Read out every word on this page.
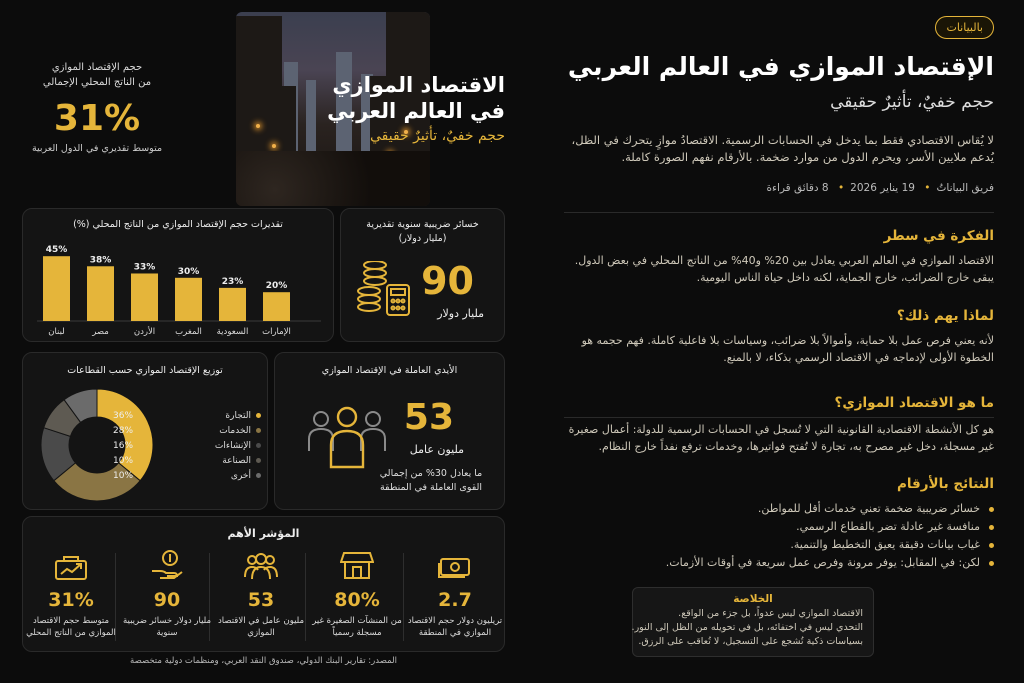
بالبيانات
الإقتصاد الموازي في العالم العربي
حجم خفيٌ، تأثيرٌ حقيقي
لا يُقاس الاقتصادي فقط بما يدخل في الحسابات الرسمية. الاقتصادُ موازٍ يتحرك في الظل، يُدعم ملايين الأسر، ويحرم الدول من موارد ضخمة. بالأرقام نفهم الصورة كاملة.
فريق البياناتُ• 19 يناير 2026• 8 دقائق قراءة
الفكرة في سطر
الاقتصاد الموازي في العالم العربي يعادل بين 20% و40% من الناتج المحلي في بعض الدول. يبقى خارج الضرائب، خارج الجماية، لكنه داخل حياة الناس اليومية.
لماذا يهم ذلك؟
لأنه يعني فرص عمل بلا حماية، وأموالاً بلا ضرائب، وسياسات بلا فاعلية كاملة. فهم حجمه هو الخطوة الأولى لإدماجه في الاقتصاد الرسمي بذكاء، لا بالمنع.
ما هو الاقتصاد الموازي؟
هو كل الأنشطة الاقتصادية القانونية التي لا تُسجل في الحسابات الرسمية للدولة: أعمال صغيرة غير مسجلة، دخل غير مصرح به، تجارة لا تُفتح فواتيرها، وخدمات ترفع نفداً خارج النظام.
النتائج بالأرقام
خسائر ضريبية ضخمة تعني خدمات أقل للمواطن.
منافسة غير عادلة تضر بالقطاع الرسمي.
غياب بيانات دقيقة يعيق التخطيط والتنمية.
لكن: في المقابل: يوفر مرونة وفرص عمل سريعة في أوقات الأزمات.
الخلاصة
الاقتصاد الموازي ليس عدواً، بل جزء من الواقع.
التحدي ليس في اختفائه، بل في تحويله من الظل إلى النور.
بسياسات ذكية تُشجع على التسجيل، لا تُعاقب على الرزق.
الاقتصاد الموازي
في العالم العربي
حجم خفيٌ، تأثيرٌ حقيقي
حجم الإقتصاد الموازي
من الناتج المحلي الإجمالي
31%
متوسط تقديري في الدول العربية
تقديرات حجم الإقتصاد الموازي من الناتج المحلي (%)
45%
لبنان
38%
مصر
33%
الأردن
30%
المغرب
23%
السعودية
20%
الإمارات
خسائر ضريبية سنوية تقديرية
(مليار دولار)
90
مليار دولار
توزيع الإقتصاد الموازي حسب القطاعات
التجارة
36%
الخدمات
28%
الإنشاءات
16%
الصناعة
10%
أخرى
10%
الأيدي العاملة في الإقتصاد الموازي
53
مليون عامل
ما يعادل 30% من إجمالي القوى العاملة في المنطقة
المؤشر الأهم
2.7
تريليون دولار حجم الاقتصاد الموازي في المنطقة
80%
من المنشآت الصغيرة غير مسجلة رسمياً
53
مليون عامل في الاقتصاد الموازي
90
مليار دولار خسائر ضريبية سنوية
31%
متوسط حجم الاقتصاد الموازي من الناتج المحلي
المصدر: تقارير البنك الدولي، صندوق النقد العربي، ومنظمات دولية متخصصة
